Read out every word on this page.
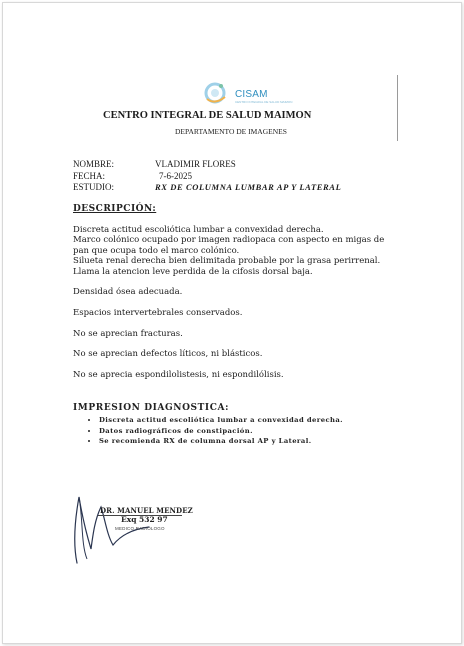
CISAM
CENTRO INTEGRAL DE SALUD MAIMON
CENTRO INTEGRAL DE SALUD MAIMON
DEPARTAMENTO DE IMAGENES
NOMBRE:	VLADIMIR FLORES
FECHA:	7-6-2025
ESTUDIO:	RX DE COLUMNA LUMBAR AP Y LATERAL
DESCRIPCIÓN:

Discreta actitud escoliótica lumbar a convexidad derecha.

Marco colónico ocupado por imagen radiopaca con aspecto en migas de

pan que ocupa todo el marco colónico.

Silueta renal derecha bien delimitada probable por la grasa perirrenal.

Llama la atencion leve perdida de la cifosis dorsal baja.

Densidad ósea adecuada.

Espacios intervertebrales conservados.

No se aprecian fracturas.

No se aprecian defectos líticos, ni blásticos.

No se aprecia espondilolistesis, ni espondilólisis.

IMPRESION DIAGNOSTICA:
• Discreta actitud escoliótica lumbar a convexidad derecha.
• Datos radiográficos de constipación.
• Se recomienda RX de columna dorsal AP y Lateral.
DR. MANUEL MENDEZ
Exq 532 97
MEDICO RADIOLOGO
